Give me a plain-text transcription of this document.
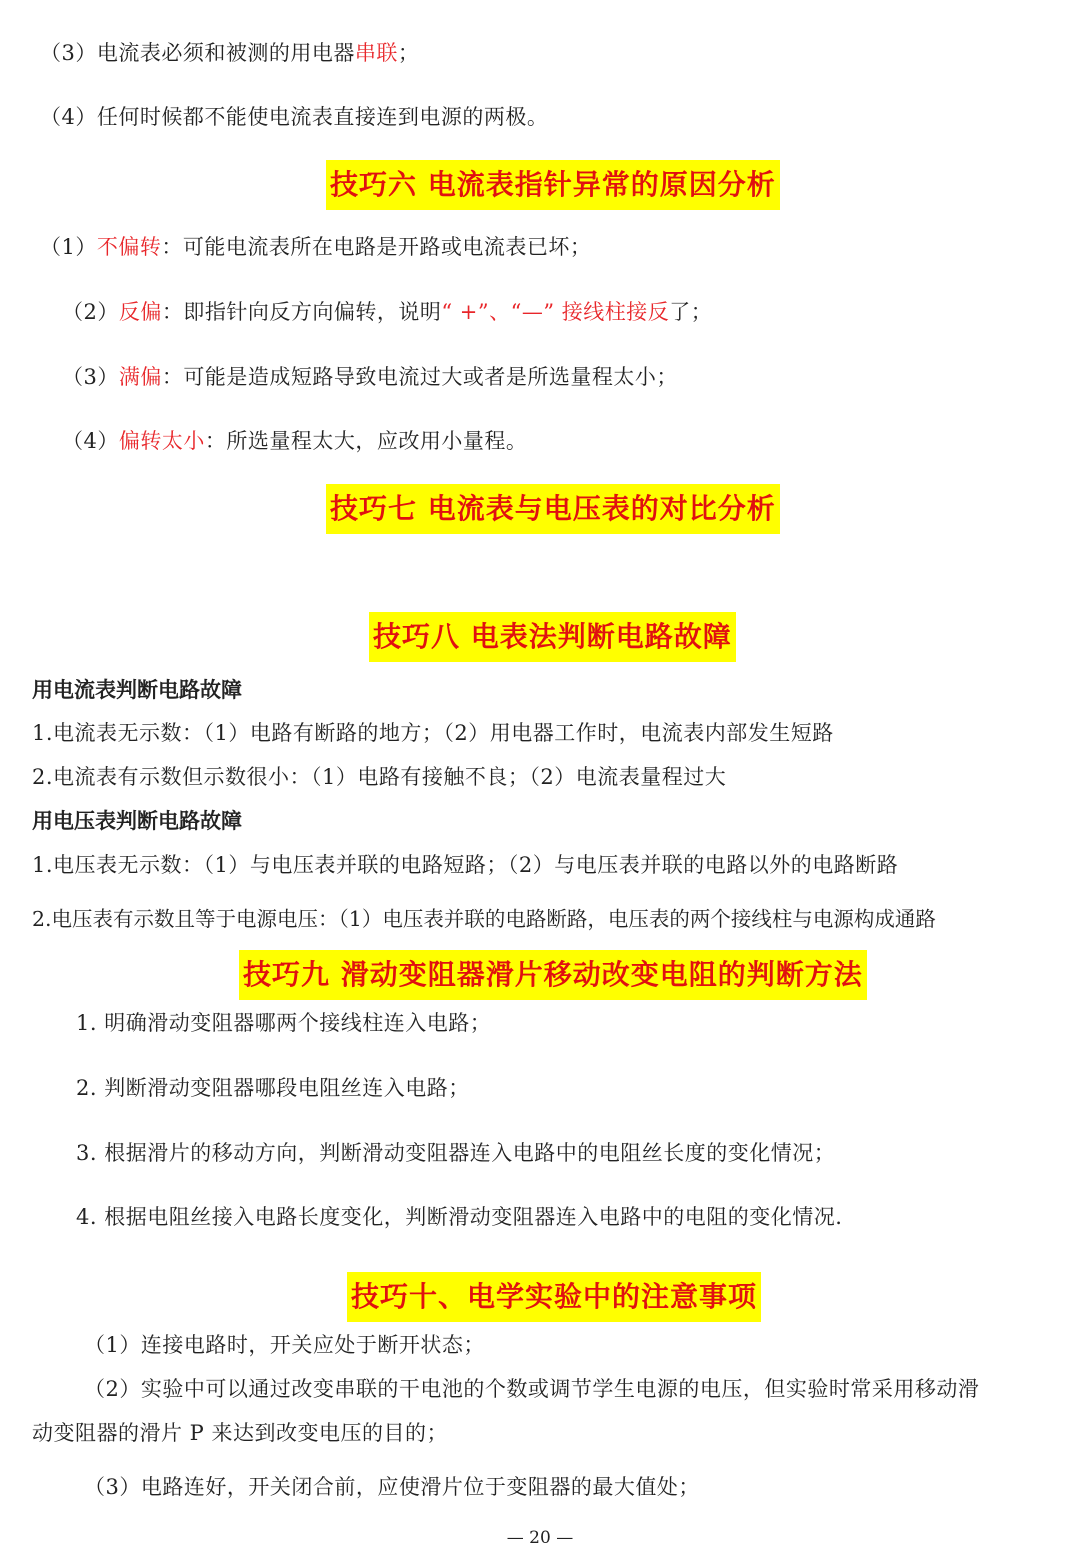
（3）电流表必须和被测的用电器串联；
（4）任何时候都不能使电流表直接连到电源的两极。
技巧六 电流表指针异常的原因分析
（1）不偏转：可能电流表所在电路是开路或电流表已坏；
（2）反偏：即指针向反方向偏转，说明“ +”、“—” 接线柱接反了；
（3）满偏：可能是造成短路导致电流过大或者是所选量程太小；
（4）偏转太小：所选量程太大，应改用小量程。
技巧七 电流表与电压表的对比分析
技巧八 电表法判断电路故障
用电流表判断电路故障
1.电流表无示数：（1）电路有断路的地方；（2）用电器工作时，电流表内部发生短路
2.电流表有示数但示数很小：（1）电路有接触不良；（2）电流表量程过大
用电压表判断电路故障
1.电压表无示数：（1）与电压表并联的电路短路；（2）与电压表并联的电路以外的电路断路
2.电压表有示数且等于电源电压：（1）电压表并联的电路断路，电压表的两个接线柱与电源构成通路
技巧九 滑动变阻器滑片移动改变电阻的判断方法
1. 明确滑动变阻器哪两个接线柱连入电路；
2. 判断滑动变阻器哪段电阻丝连入电路；
3. 根据滑片的移动方向，判断滑动变阻器连入电路中的电阻丝长度的变化情况；
4. 根据电阻丝接入电路长度变化，判断滑动变阻器连入电路中的电阻的变化情况.
技巧十、电学实验中的注意事项
（1）连接电路时，开关应处于断开状态；
（2）实验中可以通过改变串联的干电池的个数或调节学生电源的电压，但实验时常采用移动滑
动变阻器的滑片 P 来达到改变电压的目的；
（3）电路连好，开关闭合前，应使滑片位于变阻器的最大值处；
— 20 —
